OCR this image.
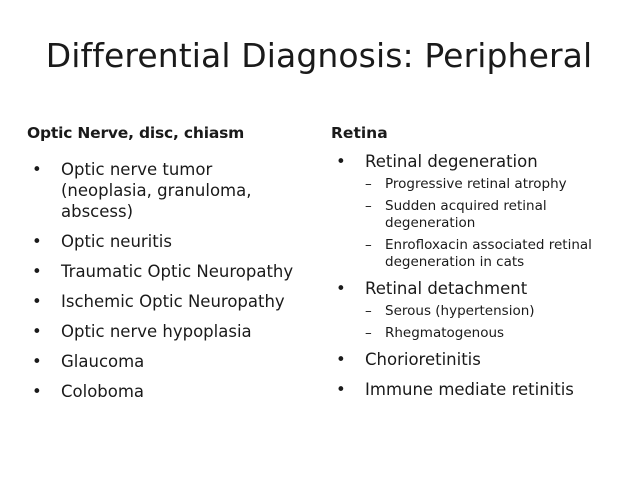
Differential Diagnosis: Peripheral
Optic Nerve, disc, chiasm
• Optic nerve tumor (neoplasia, granuloma, abscess)
• Optic neuritis
• Traumatic Optic Neuropathy
• Ischemic Optic Neuropathy
• Optic nerve hypoplasia
• Glaucoma
• Coloboma
Retina
• Retinal degeneration
– Progressive retinal atrophy
– Sudden acquired retinal degeneration
– Enrofloxacin associated retinal degeneration in cats
• Retinal detachment
– Serous (hypertension)
– Rhegmatogenous
• Chorioretinitis
• Immune mediate retinitis
